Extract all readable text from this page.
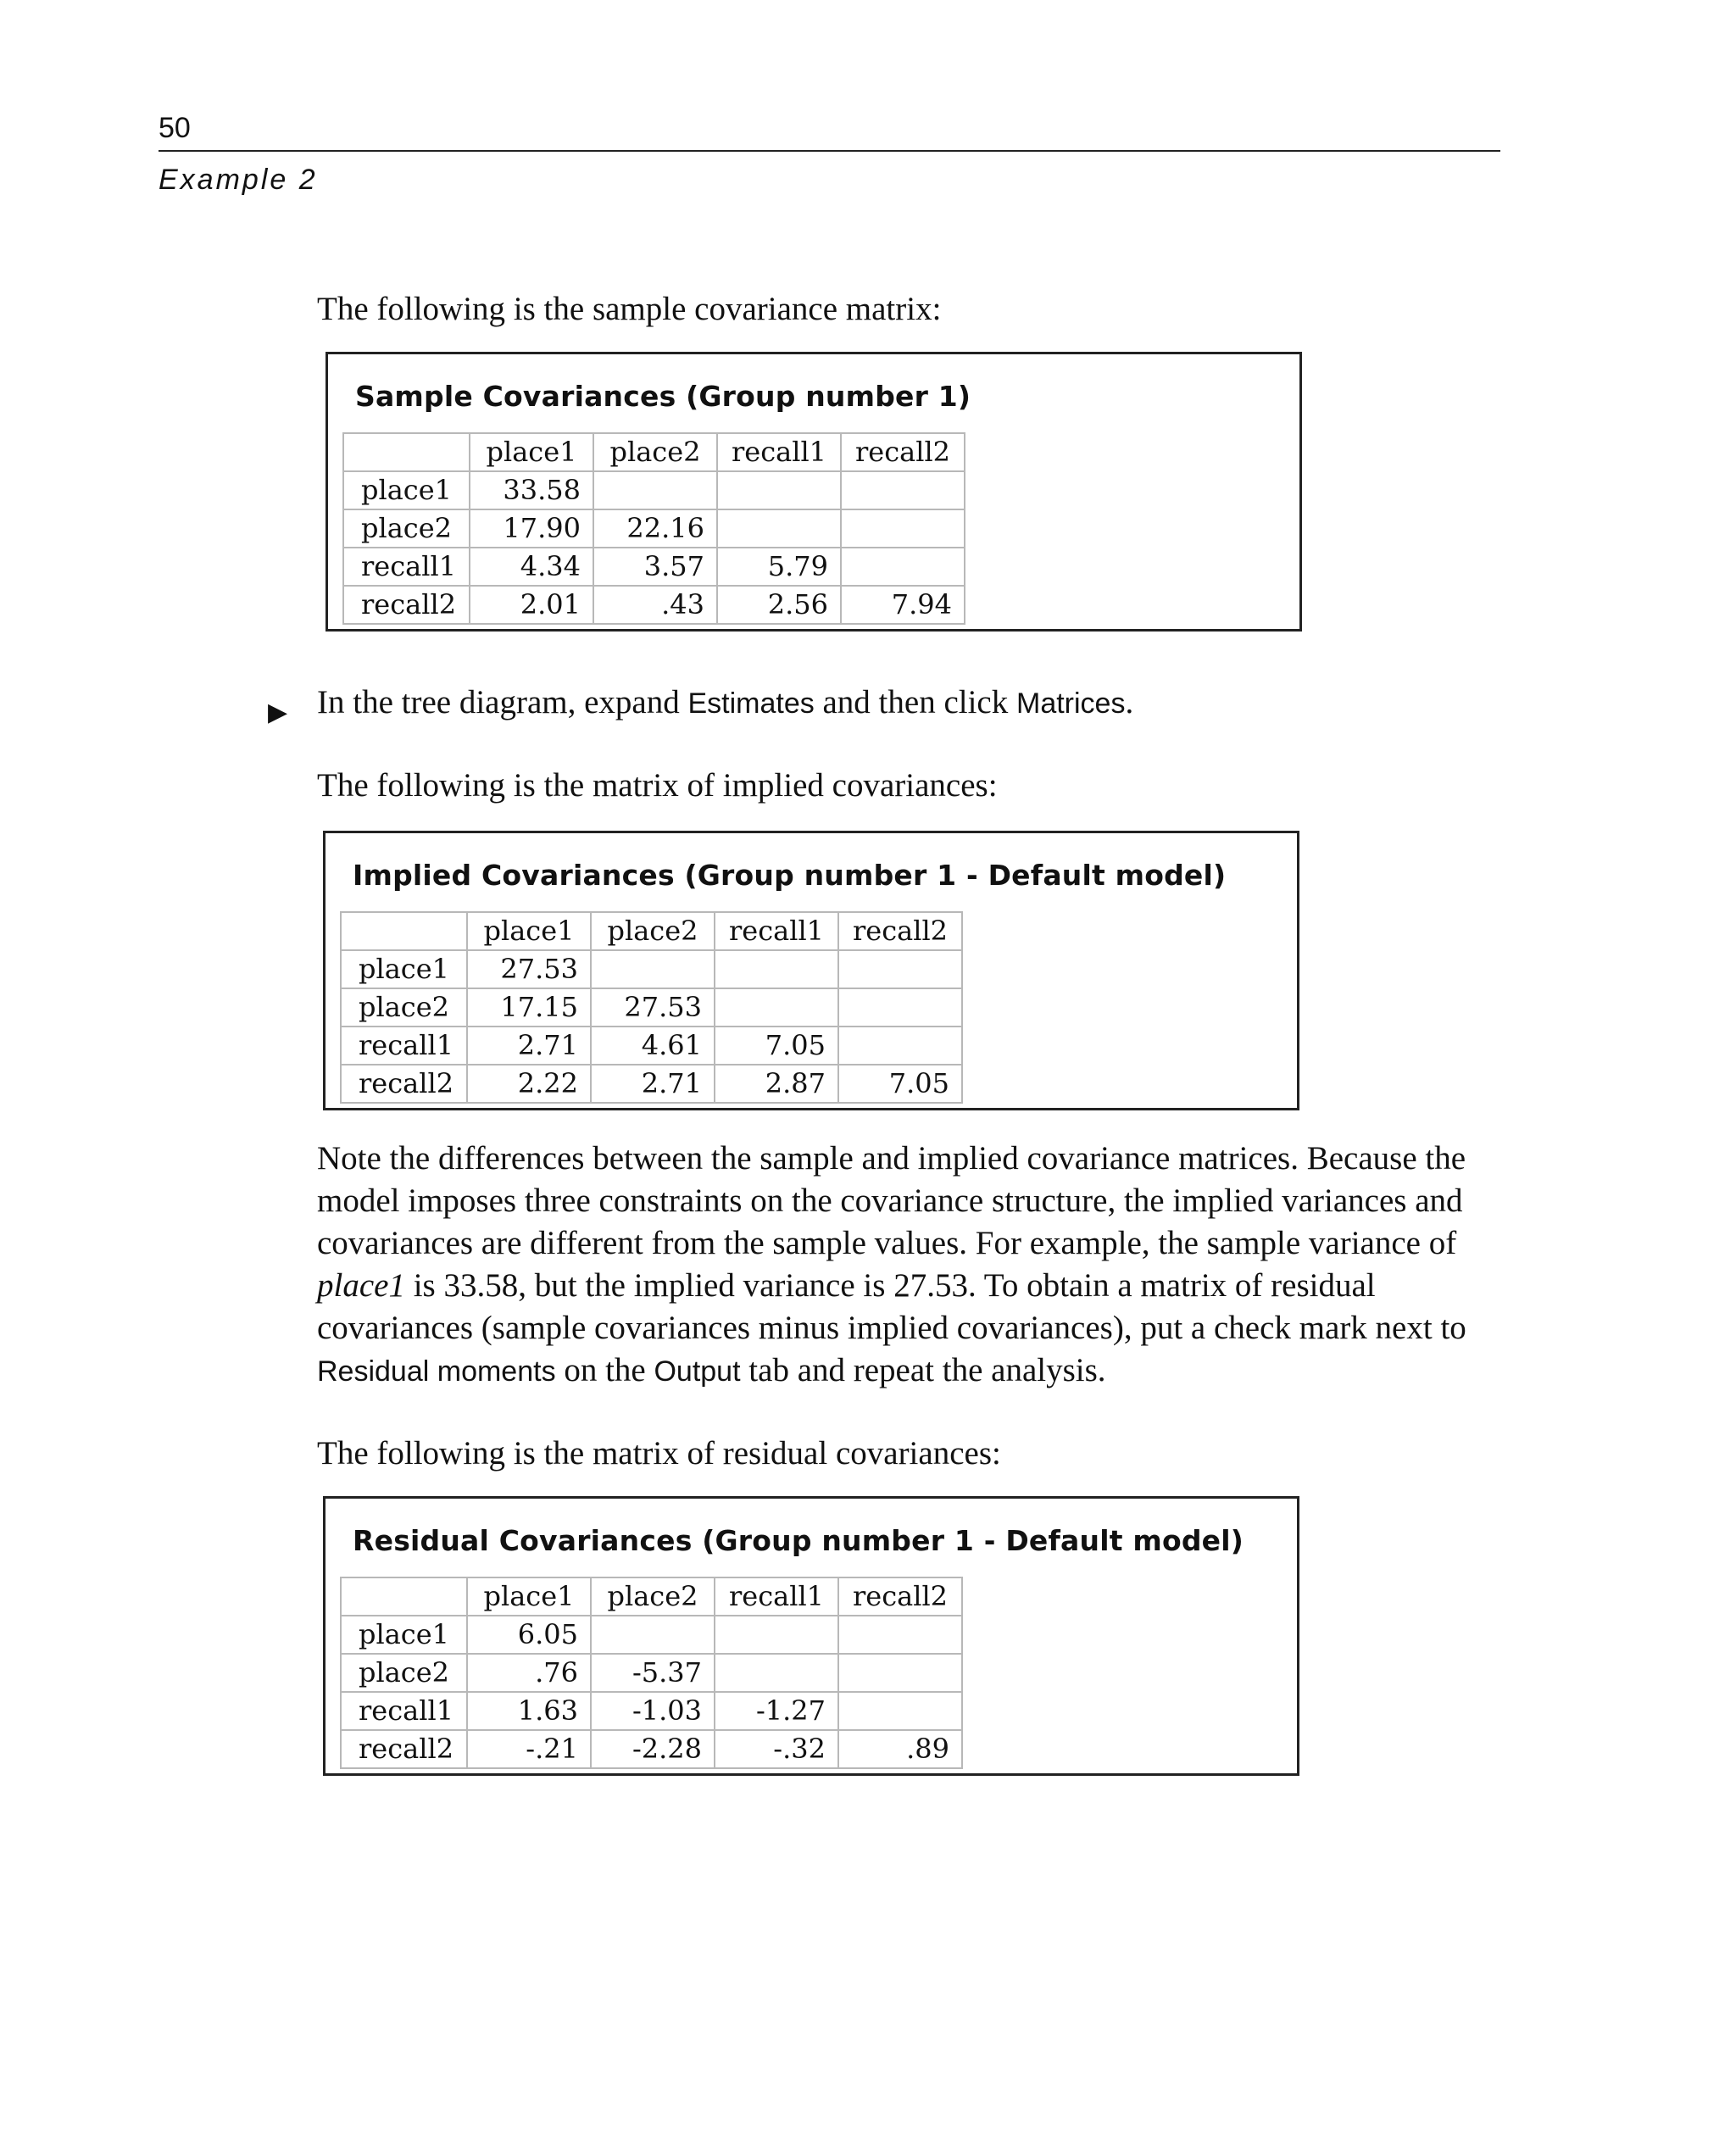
50
Example 2

The following is the sample covariance matrix:

Sample Covariances (Group number 1)
	place1	place2	recall1	recall2
place1	33.58			
place2	17.90	22.16		
recall1	4.34	3.57	5.79	
recall2	2.01	.43	2.56	7.94
▶ In the tree diagram, expand Estimates and then click Matrices.

The following is the matrix of implied covariances:

Implied Covariances (Group number 1 - Default model)
	place1	place2	recall1	recall2
place1	27.53			
place2	17.15	27.53		
recall1	2.71	4.61	7.05	
recall2	2.22	2.71	2.87	7.05

Note the differences between the sample and implied covariance matrices. Because the

model imposes three constraints on the covariance structure, the implied variances and

covariances are different from the sample values. For example, the sample variance of

place1 is 33.58, but the implied variance is 27.53. To obtain a matrix of residual

covariances (sample covariances minus implied covariances), put a check mark next to

Residual moments on the Output tab and repeat the analysis.

The following is the matrix of residual covariances:

Residual Covariances (Group number 1 - Default model)
	place1	place2	recall1	recall2
place1	6.05			
place2	.76	-5.37		
recall1	1.63	-1.03	-1.27	
recall2	-.21	-2.28	-.32	.89
